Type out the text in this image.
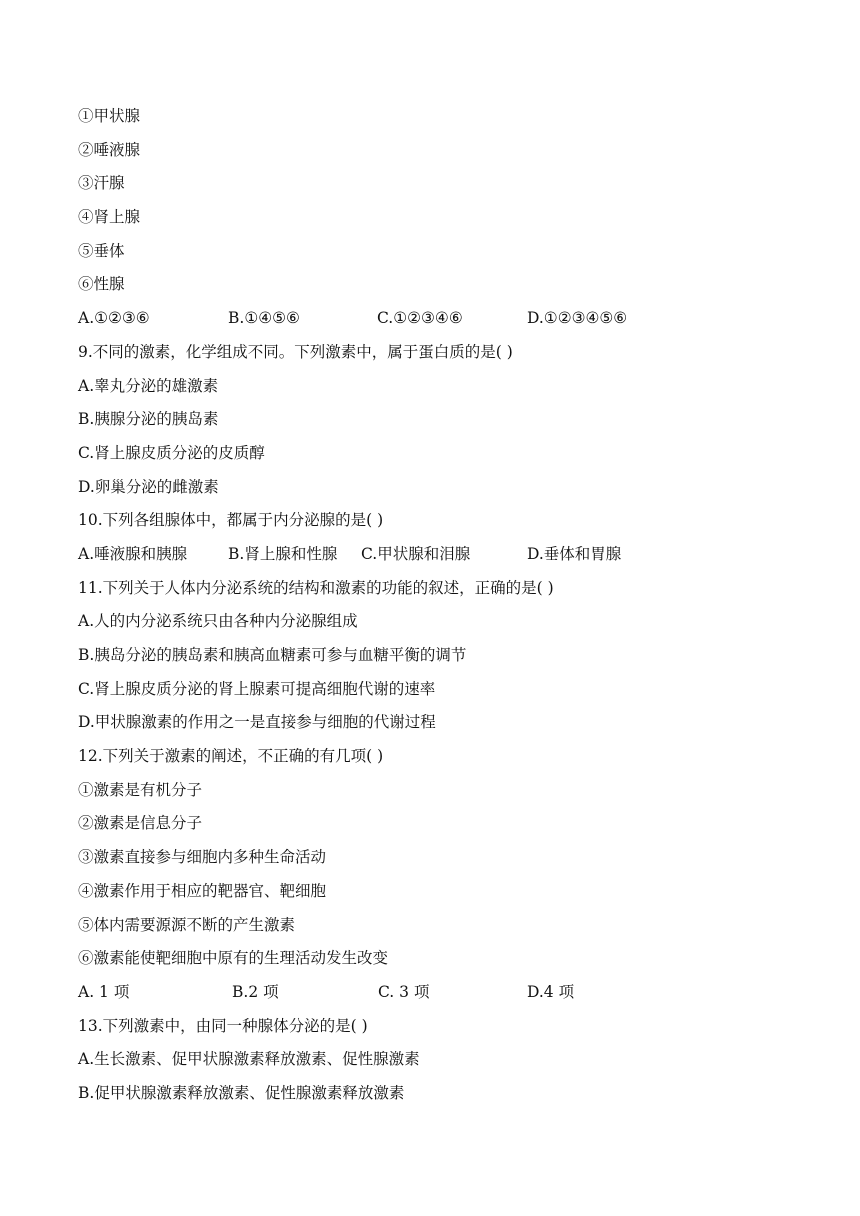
①甲状腺
②唾液腺
③汗腺
④肾上腺
⑤垂体
⑥性腺
A.①②③⑥	B.①④⑤⑥	C.①②③④⑥	D.①②③④⑤⑥
9.不同的激素，化学组成不同。下列激素中，属于蛋白质的是( )
A.睾丸分泌的雄激素
B.胰腺分泌的胰岛素
C.肾上腺皮质分泌的皮质醇
D.卵巢分泌的雌激素
10.下列各组腺体中，都属于内分泌腺的是( )
A.唾液腺和胰腺	B.肾上腺和性腺 C.甲状腺和泪腺	D.垂体和胃腺
11.下列关于人体内分泌系统的结构和激素的功能的叙述，正确的是( )
A.人的内分泌系统只由各种内分泌腺组成
B.胰岛分泌的胰岛素和胰高血糖素可参与血糖平衡的调节
C.肾上腺皮质分泌的肾上腺素可提高细胞代谢的速率
D.甲状腺激素的作用之一是直接参与细胞的代谢过程
12.下列关于激素的阐述，不正确的有几项( )
①激素是有机分子
②激素是信息分子
③激素直接参与细胞内多种生命活动
④激素作用于相应的靶器官、靶细胞
⑤体内需要源源不断的产生激素
⑥激素能使靶细胞中原有的生理活动发生改变
A. 1 项	B.2 项	C. 3 项	D.4 项
13.下列激素中，由同一种腺体分泌的是( )
A.生长激素、促甲状腺激素释放激素、促性腺激素
B.促甲状腺激素释放激素、促性腺激素释放激素
